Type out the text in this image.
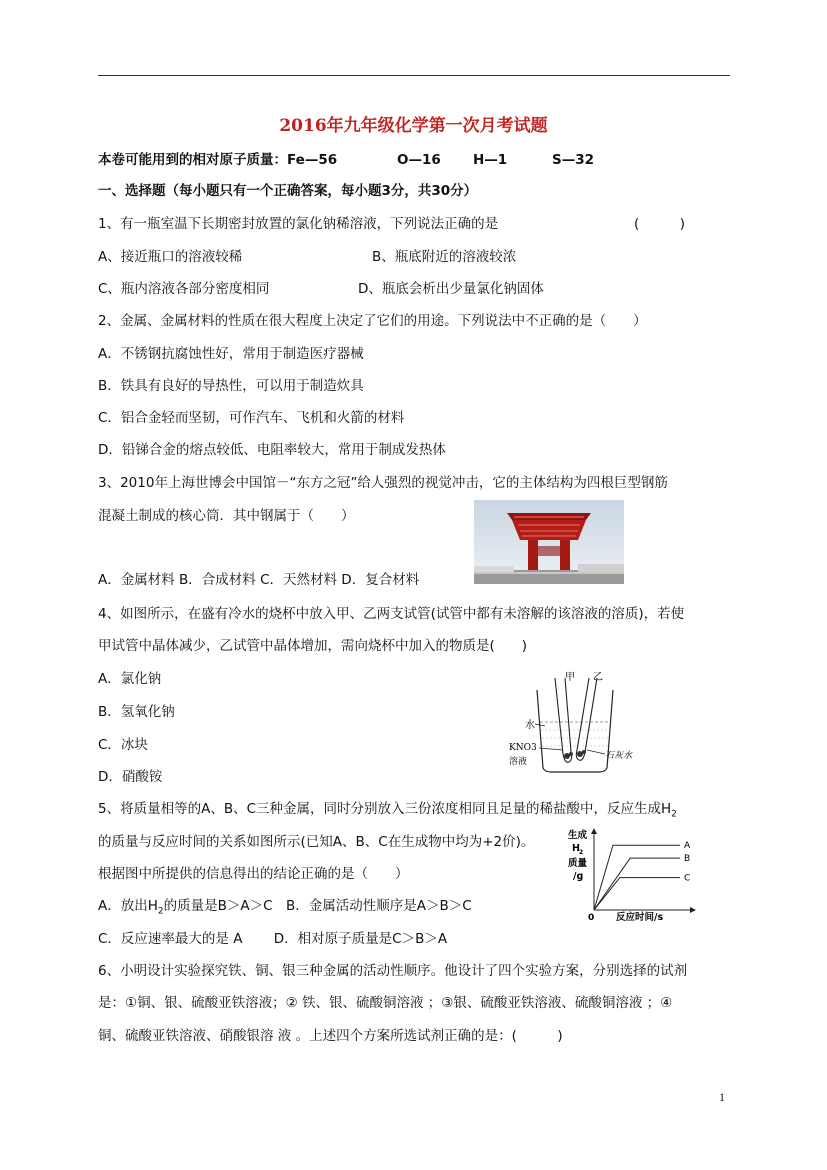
2016年九年级化学第一次月考试题
本卷可能用到的相对原子质量：Fe—56	O—16 H—1	S—32
一、选择题（每小题只有一个正确答案，每小题3分，共30分）
1、有一瓶室温下长期密封放置的氯化钠稀溶液，下列说法正确的是	(　　　)
A、接近瓶口的溶液较稀	B、瓶底附近的溶液较浓
C、瓶内溶液各部分密度相同	D、瓶底会析出少量氯化钠固体
2、金属、金属材料的性质在很大程度上决定了它们的用途。下列说法中不正确的是（　　）
A．不锈钢抗腐蚀性好，常用于制造医疗器械
B．铁具有良好的导热性，可以用于制造炊具
C．铝合金轻而坚韧，可作汽车、飞机和火箭的材料
D．铅锑合金的熔点较低、电阻率较大，常用于制成发热体
3、2010年上海世博会中国馆－“东方之冠”给人强烈的视觉冲击，它的主体结构为四根巨型钢筋
混凝土制成的核心筒．其中钢属于（　　）
A．金属材料 B．合成材料 C．天然材料 D．复合材料
4、如图所示，在盛有冷水的烧杯中放入甲、乙两支试管(试管中都有未溶解的该溶液的溶质)，若使
甲试管中晶体减少，乙试管中晶体增加，需向烧杯中加入的物质是(　　)
A．氯化钠
B．氢氧化钠
C．冰块
D．硝酸铵
甲 乙
水
KNO3
溶液
石灰水
5、将质量相等的A、B、C三种金属，同时分别放入三份浓度相同且足量的稀盐酸中，反应生成$H_2$
的质量与反应时间的关系如图所示(已知A、B、C在生成物中均为+2价)。
根据图中所提供的信息得出的结论正确的是（　　）
A．放出$H_2$的质量是B＞A＞C　B．金属活动性顺序是A＞B＞C
C．反应速率最大的是 A　　 D．相对原子质量是C＞B＞A
生成
H 2
质量
/g
0 反应时间/s
A
B
C
6、小明设计实验探究铁、铜、银三种金属的活动性顺序。他设计了四个实验方案，分别选择的试剂
是：①铜、银、硫酸亚铁溶液；② 铁、银、硫酸铜溶液 ；③银、硫酸亚铁溶液、硫酸铜溶液 ；④
铜、硫酸亚铁溶液、硝酸银溶 液 。上述四个方案所选试剂正确的是：(　　　)
1
